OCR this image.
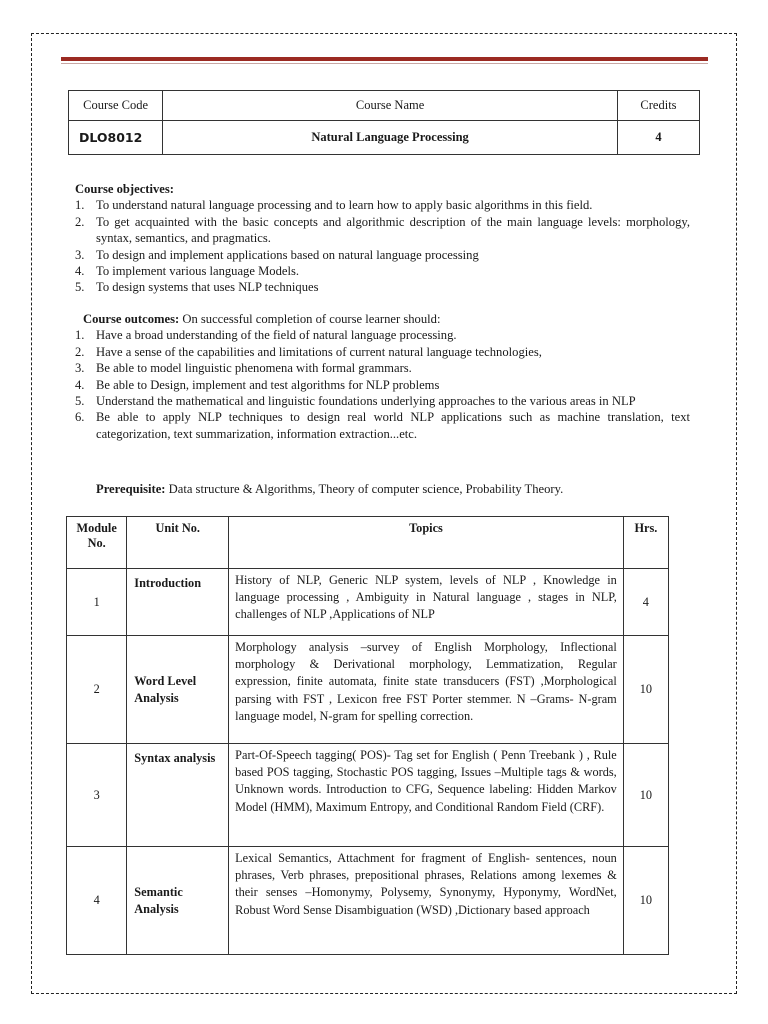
Course Code	Course Name	Credits
DLO8012	Natural Language Processing	4
Course objectives:
1. To understand natural language processing and to learn how to apply basic algorithms in this field.
2. To get acquainted with the basic concepts and algorithmic description of the main language levels: morphology, syntax, semantics, and pragmatics.
3. To design and implement applications based on natural language processing
4. To implement various language Models.
5. To design systems that uses NLP techniques
Course outcomes: On successful completion of course learner should:
1. Have a broad understanding of the field of natural language processing.
2. Have a sense of the capabilities and limitations of current natural language technologies,
3. Be able to model linguistic phenomena with formal grammars.
4. Be able to Design, implement and test algorithms for NLP problems
5. Understand the mathematical and linguistic foundations underlying approaches to the various areas in NLP
6. Be able to apply NLP techniques to design real world NLP applications such as machine translation, text categorization, text summarization, information extraction...etc.
Prerequisite: Data structure & Algorithms, Theory of computer science, Probability Theory.
Module No.	Unit No.	Topics	Hrs.
1	Introduction	History of NLP, Generic NLP system, levels of NLP , Knowledge in language processing , Ambiguity in Natural language , stages in NLP, challenges of NLP ,Applications of NLP	4
2	Word Level Analysis	Morphology analysis –survey of English Morphology, Inflectional morphology & Derivational morphology, Lemmatization, Regular expression, finite automata, finite state transducers (FST) ,Morphological parsing with FST , Lexicon free FST Porter stemmer. N –Grams- N-gram language model, N-gram for spelling correction.	10
3	Syntax analysis	Part-Of-Speech tagging( POS)- Tag set for English ( Penn Treebank ) , Rule based POS tagging, Stochastic POS tagging, Issues –Multiple tags & words, Unknown words. Introduction to CFG, Sequence labeling: Hidden Markov Model (HMM), Maximum Entropy, and Conditional Random Field (CRF).	10
4	Semantic Analysis	Lexical Semantics, Attachment for fragment of English- sentences, noun phrases, Verb phrases, prepositional phrases, Relations among lexemes & their senses –Homonymy, Polysemy, Synonymy, Hyponymy, WordNet, Robust Word Sense Disambiguation (WSD) ,Dictionary based approach	10
